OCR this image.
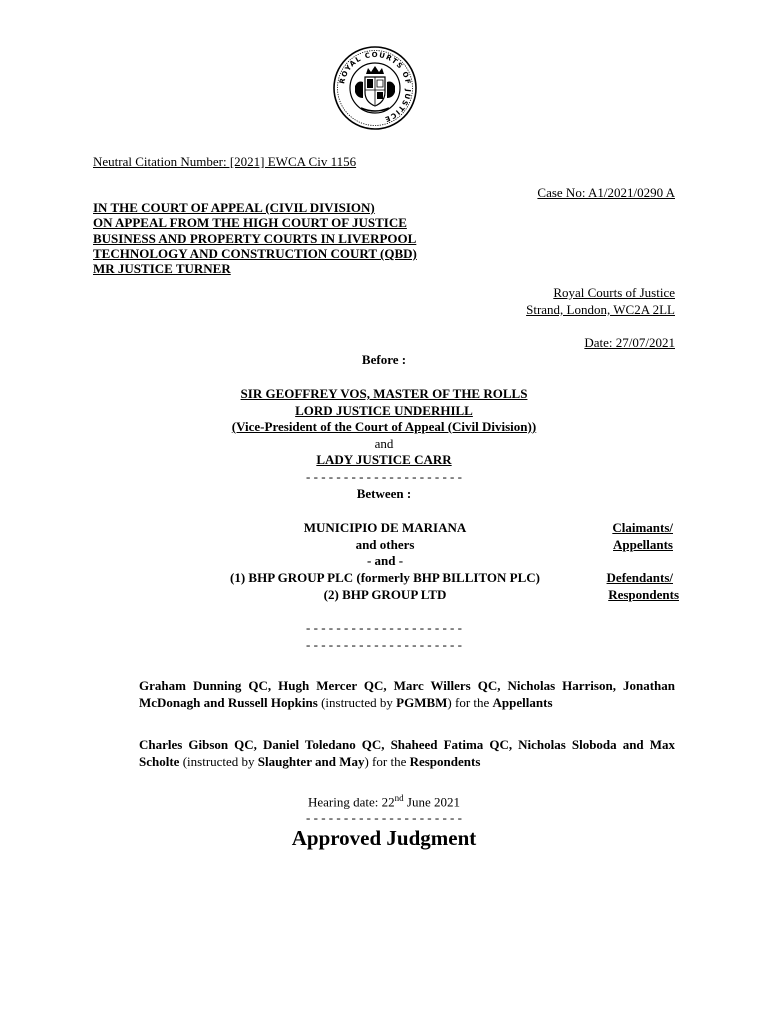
ROYAL COURTS OF JUSTICE
Neutral Citation Number: [2021] EWCA Civ 1156
Case No: A1/2021/0290 A
IN THE COURT OF APPEAL (CIVIL DIVISION)
ON APPEAL FROM THE HIGH COURT OF JUSTICE
BUSINESS AND PROPERTY COURTS IN LIVERPOOL
TECHNOLOGY AND CONSTRUCTION COURT (QBD)
MR JUSTICE TURNER
Royal Courts of Justice
Strand, London, WC2A 2LL
Date: 27/07/2021
Before :
SIR GEOFFREY VOS, MASTER OF THE ROLLS
LORD JUSTICE UNDERHILL
(Vice-President of the Court of Appeal (Civil Division))
and
LADY JUSTICE CARR
- - - - - - - - - - - - - - - - - - - - -
Between :
MUNICIPIO DE MARIANA
and others
Claimants/
Appellants
- and -
(1) BHP GROUP PLC (formerly BHP BILLITON PLC)
(2) BHP GROUP LTD
Defendants/
Respondents
- - - - - - - - - - - - - - - - - - - - -
- - - - - - - - - - - - - - - - - - - - -
Graham Dunning QC, Hugh Mercer QC, Marc Willers QC, Nicholas Harrison, Jonathan McDonagh and Russell Hopkins (instructed by PGMBM) for the Appellants
Charles Gibson QC, Daniel Toledano QC, Shaheed Fatima QC, Nicholas Sloboda and Max Scholte (instructed by Slaughter and May) for the Respondents
Hearing date: 22nd June 2021
- - - - - - - - - - - - - - - - - - - - -
Approved Judgment
